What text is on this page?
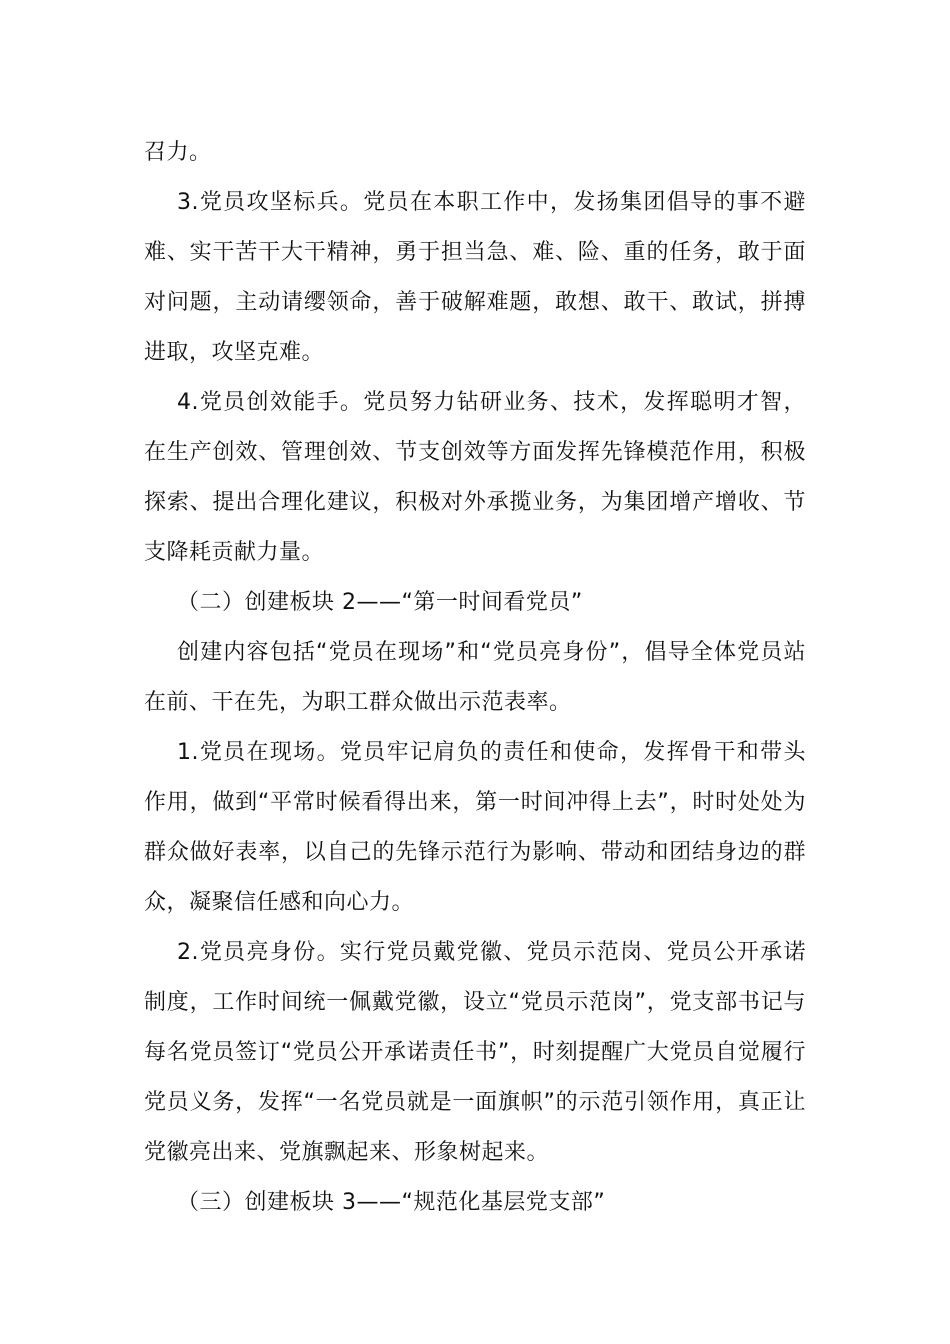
召力。

3.党员攻坚标兵。党员在本职工作中，发扬集团倡导的事不避难、实干苦干大干精神，勇于担当急、难、险、重的任务，敢于面对问题，主动请缨领命，善于破解难题，敢想、敢干、敢试，拼搏进取，攻坚克难。

4.党员创效能手。党员努力钻研业务、技术，发挥聪明才智，在生产创效、管理创效、节支创效等方面发挥先锋模范作用，积极探索、提出合理化建议，积极对外承揽业务，为集团增产增收、节支降耗贡献力量。

（二）创建板块 2——“第一时间看党员”

创建内容包括“党员在现场”和“党员亮身份”，倡导全体党员站在前、干在先，为职工群众做出示范表率。

1.党员在现场。党员牢记肩负的责任和使命，发挥骨干和带头作用，做到“平常时候看得出来，第一时间冲得上去”，时时处处为群众做好表率，以自己的先锋示范行为影响、带动和团结身边的群众，凝聚信任感和向心力。

2.党员亮身份。实行党员戴党徽、党员示范岗、党员公开承诺制度，工作时间统一佩戴党徽，设立“党员示范岗”，党支部书记与每名党员签订“党员公开承诺责任书”，时刻提醒广大党员自觉履行党员义务，发挥“一名党员就是一面旗帜”的示范引领作用，真正让党徽亮出来、党旗飘起来、形象树起来。

（三）创建板块 3——“规范化基层党支部”
